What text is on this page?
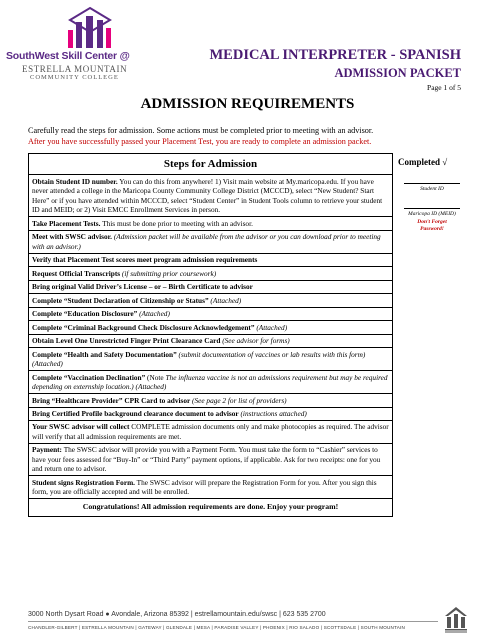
SouthWest Skill Center @
ESTRELLA MOUNTAIN
COMMUNITY COLLEGE
MEDICAL INTERPRETER - SPANISH
ADMISSION PACKET
Page 1 of 5
ADMISSION REQUIREMENTS
Carefully read the steps for admission. Some actions must be completed prior to meeting with an advisor.
After you have successfully passed your Placement Test, you are ready to complete an admission packet.
Steps for Admission
Obtain Student ID number. You can do this from anywhere! 1) Visit main website at My.maricopa.edu. If you have never attended a college in the Maricopa County Community College District (MCCCD), select “New Student? Start Here” or if you have attended within MCCCD, select “Student Center” in Student Tools column to retrieve your student ID and MEID; or 2) Visit EMCC Enrollment Services in person.
Take Placement Tests. This must be done prior to meeting with an advisor.
Meet with SWSC advisor. (Admission packet will be available from the advisor or you can download prior to meeting with an advisor.)
Verify that Placement Test scores meet program admission requirements
Request Official Transcripts (if submitting prior coursework)
Bring original Valid Driver’s License – or – Birth Certificate to advisor
Complete “Student Declaration of Citizenship or Status” (Attached)
Complete “Education Disclosure” (Attached)
Complete “Criminal Background Check Disclosure Acknowledgement” (Attached)
Obtain Level One Unrestricted Finger Print Clearance Card (See advisor for forms)
Complete “Health and Safety Documentation” (submit documentation of vaccines or lab results with this form) (Attached)
Complete “Vaccination Declination” (Note The influenza vaccine is not an admissions requirement but may be required depending on externship location.) (Attached)
Bring “Healthcare Provider” CPR Card to advisor (See page 2 for list of providers)
Bring Certified Profile background clearance document to advisor (instructions attached)
Your SWSC advisor will collect COMPLETE admission documents only and make photocopies as required. The advisor will verify that all admission requirements are met.
Payment: The SWSC advisor will provide you with a Payment Form. You must take the form to “Cashier” services to have your fees assessed for “Buy-In” or “Third Party” payment options, if applicable. Ask for two receipts: one for you and return one to advisor.
Student signs Registration Form. The SWSC advisor will prepare the Registration Form for you. After you sign this form, you are officially accepted and will be enrolled.
Congratulations! All admission requirements are done. Enjoy your program!
Completed √
Student ID
Maricopa ID (MEID)
Don't Forget
Password!
3000 North Dysart Road ● Avondale, Arizona 85392 | estrellamountain.edu/swsc | 623 535 2700
CHANDLER-GILBERT | ESTRELLA MOUNTAIN | GATEWAY | GLENDALE | MESA | PARADISE VALLEY | PHOENIX | RIO SALADO | SCOTTSDALE | SOUTH MOUNTAIN
